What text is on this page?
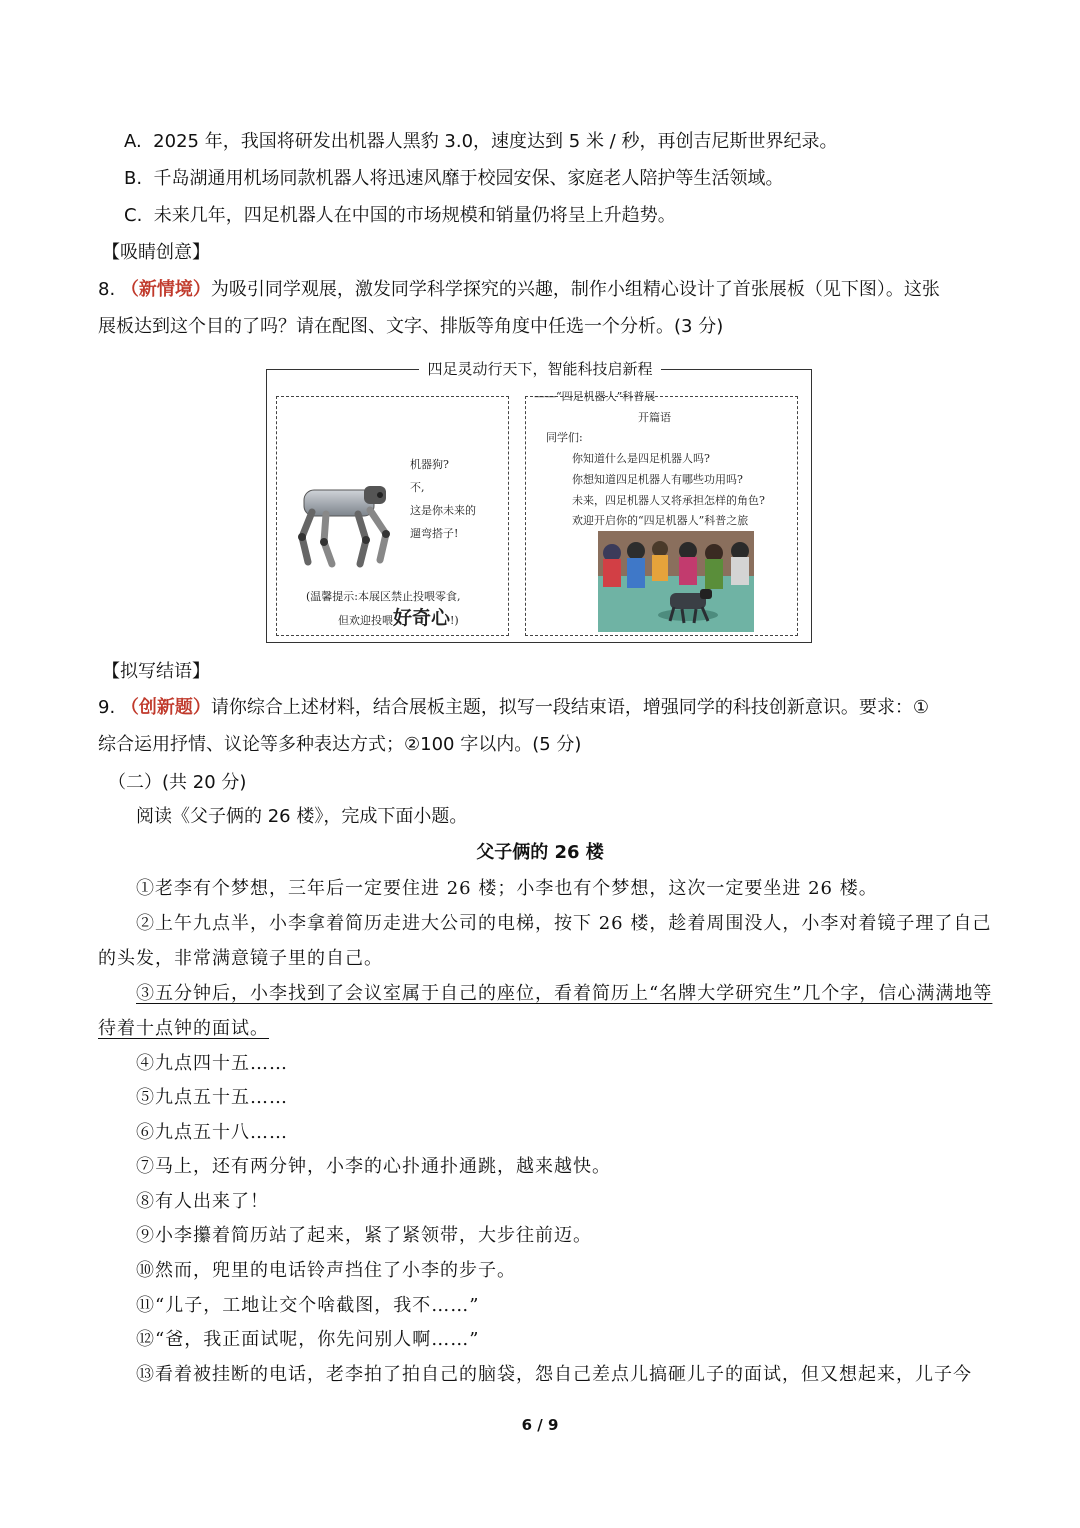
A. 2025 年，我国将研发出机器人黑豹 3.0，速度达到 5 米 / 秒，再创吉尼斯世界纪录。
B. 千岛湖通用机场同款机器人将迅速风靡于校园安保、家庭老人陪护等生活领域。
C. 未来几年，四足机器人在中国的市场规模和销量仍将呈上升趋势。
【吸睛创意】
8. （新情境）为吸引同学观展，激发同学科学探究的兴趣，制作小组精心设计了首张展板（见下图）。这张
展板达到这个目的了吗？请在配图、文字、排版等角度中任选一个分析。(3 分)
四足灵动行天下，智能科技启新程
机器狗?
不,
这是你未来的
遛弯搭子!
(温馨提示:本展区禁止投喂零食,
但欢迎投喂好奇心!)
——“四足机器人”科普展
开篇语
同学们:
你知道什么是四足机器人吗?
你想知道四足机器人有哪些功用吗?
未来，四足机器人又将承担怎样的角色?
欢迎开启你的“四足机器人”科普之旅
【拟写结语】
9. （创新题）请你综合上述材料，结合展板主题，拟写一段结束语，增强同学的科技创新意识。要求：①
综合运用抒情、议论等多种表达方式；②100 字以内。(5 分)
（二）(共 20 分)
阅读《父子俩的 26 楼》，完成下面小题。
父子俩的 26 楼
①老李有个梦想，三年后一定要住进 26 楼；小李也有个梦想，这次一定要坐进 26 楼。
②上午九点半，小李拿着简历走进大公司的电梯，按下 26 楼，趁着周围没人，小李对着镜子理了自己
的头发，非常满意镜子里的自己。
③五分钟后，小李找到了会议室属于自己的座位，看着简历上“名牌大学研究生”几个字，信心满满地等
待着十点钟的面试。
④九点四十五……
⑤九点五十五……
⑥九点五十八……
⑦马上，还有两分钟，小李的心扑通扑通跳，越来越快。
⑧有人出来了！
⑨小李攥着简历站了起来，紧了紧领带，大步往前迈。
⑩然而，兜里的电话铃声挡住了小李的步子。
⑪“儿子，工地让交个啥截图，我不……”
⑫“爸，我正面试呢，你先问别人啊……”
⑬看着被挂断的电话，老李拍了拍自己的脑袋，怨自己差点儿搞砸儿子的面试，但又想起来，儿子今
6 / 9
